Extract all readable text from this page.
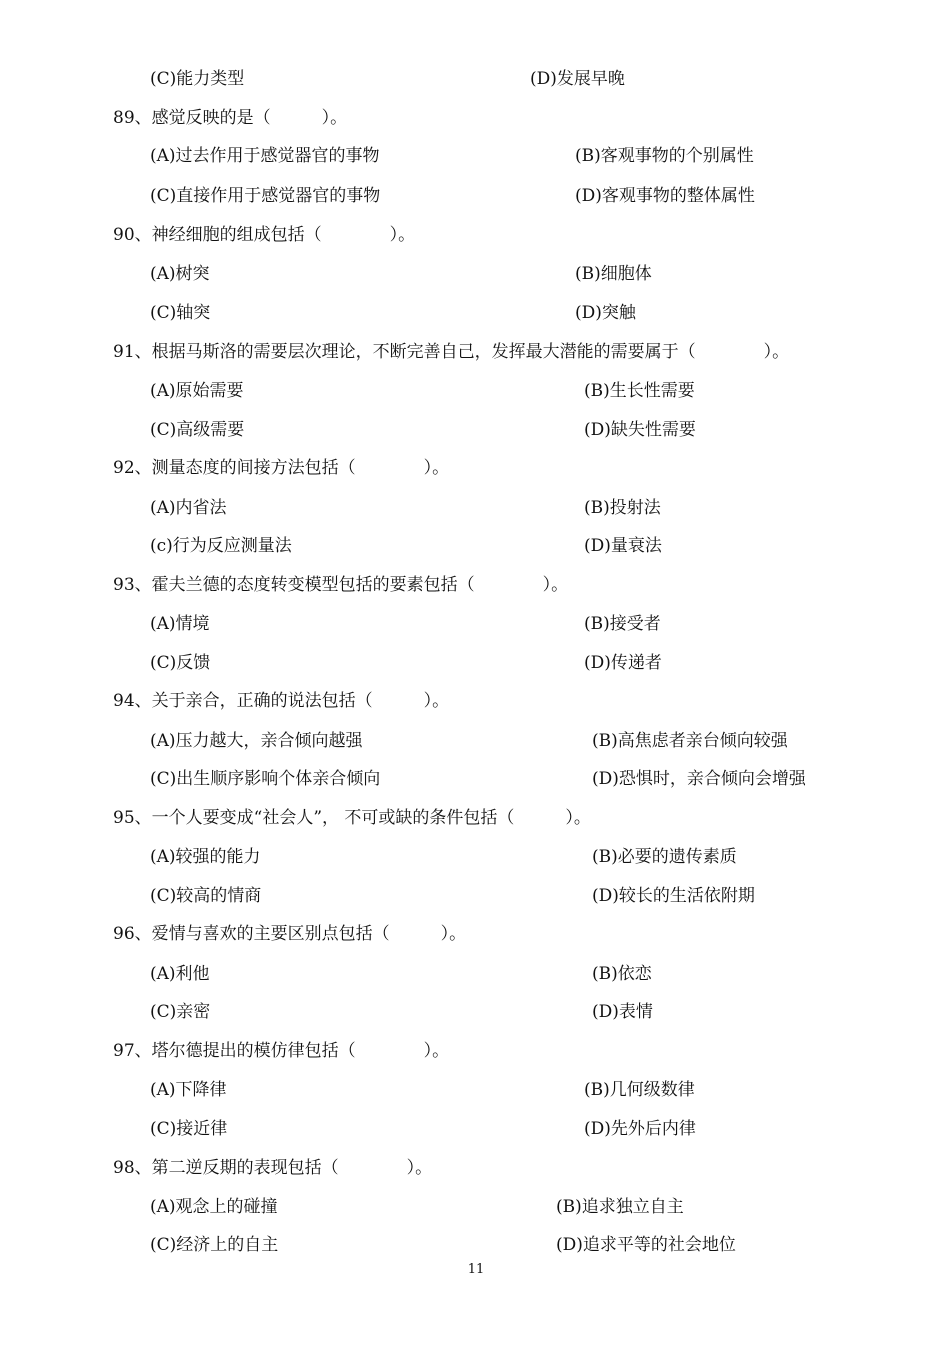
(C)能力类型	(D)发展早晚
89、感觉反映的是（　　　）。
(A)过去作用于感觉器官的事物	(B)客观事物的个别属性
(C)直接作用于感觉器官的事物	(D)客观事物的整体属性
90、神经细胞的组成包括（　　　　）。
(A)树突	(B)细胞体
(C)轴突	(D)突触
91、根据马斯洛的需要层次理论，不断完善自己，发挥最大潜能的需要属于（　　　　）。
(A)原始需要	(B)生长性需要
(C)高级需要	(D)缺失性需要
92、测量态度的间接方法包括（　　　　）。
(A)内省法	(B)投射法
(c)行为反应测量法	(D)量衰法
93、霍夫兰德的态度转变模型包括的要素包括（　　　　）。
(A)情境	(B)接受者
(C)反馈	(D)传递者
94、关于亲合，正确的说法包括（　　　）。
(A)压力越大，亲合倾向越强	(B)高焦虑者亲台倾向较强
(C)出生顺序影响个体亲合倾向	(D)恐惧时，亲合倾向会增强
95、一个人要变成“社会人”， 不可或缺的条件包括（　　　）。
(A)较强的能力	(B)必要的遗传素质
(C)较高的情商	(D)较长的生活依附期
96、爱情与喜欢的主要区别点包括（　　　）。
(A)利他	(B)依恋
(C)亲密	(D)表情
97、塔尔德提出的模仿律包括（　　　　）。
(A)下降律	(B)几何级数律
(C)接近律	(D)先外后内律
98、第二逆反期的表现包括（　　　　）。
(A)观念上的碰撞	(B)追求独立自主
(C)经济上的自主	(D)追求平等的社会地位
11
